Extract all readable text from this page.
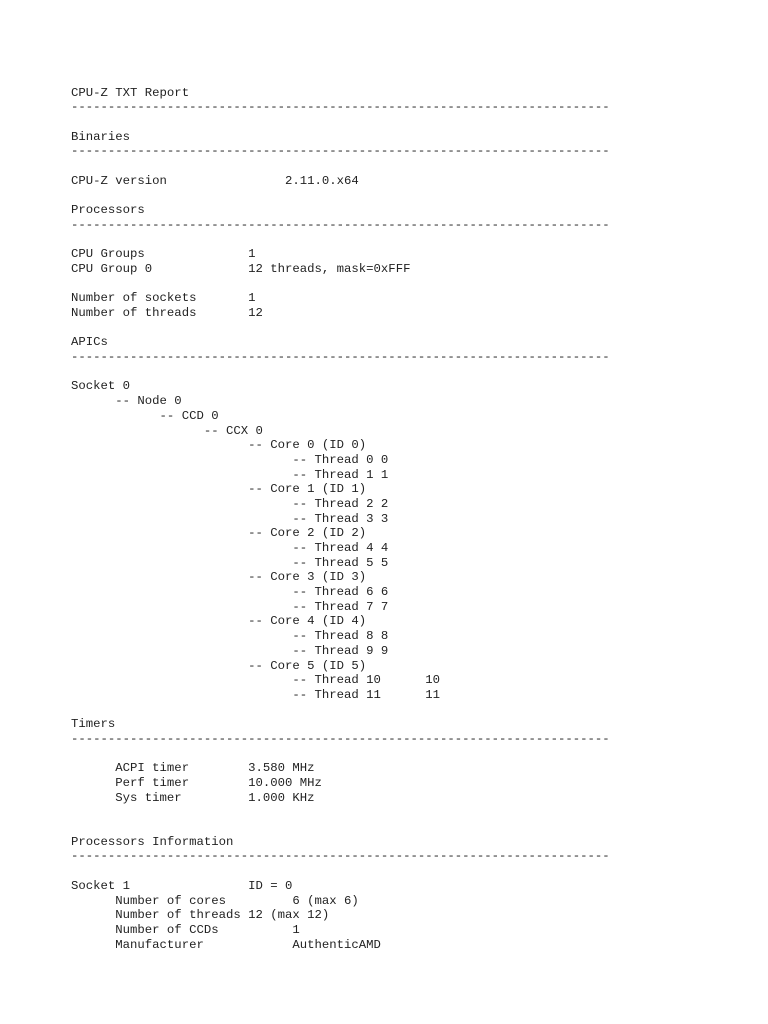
CPU-Z TXT Report
-------------------------------------------------------------------------
Binaries
-------------------------------------------------------------------------
CPU-Z version                2.11.0.x64
Processors
-------------------------------------------------------------------------
CPU Groups              1
CPU Group 0             12 threads, mask=0xFFF
Number of sockets       1
Number of threads       12
APICs
-------------------------------------------------------------------------
Socket 0
-- Node 0
-- CCD 0
-- CCX 0
-- Core 0 (ID 0)
-- Thread 0 0
-- Thread 1 1
-- Core 1 (ID 1)
-- Thread 2 2
-- Thread 3 3
-- Core 2 (ID 2)
-- Thread 4 4
-- Thread 5 5
-- Core 3 (ID 3)
-- Thread 6 6
-- Thread 7 7
-- Core 4 (ID 4)
-- Thread 8 8
-- Thread 9 9
-- Core 5 (ID 5)
-- Thread 10      10
-- Thread 11      11
Timers
-------------------------------------------------------------------------
ACPI timer        3.580 MHz
Perf timer        10.000 MHz
Sys timer         1.000 KHz
Processors Information
-------------------------------------------------------------------------
Socket 1                ID = 0
Number of cores         6 (max 6)
Number of threads 12 (max 12)
Number of CCDs          1
Manufacturer            AuthenticAMD
